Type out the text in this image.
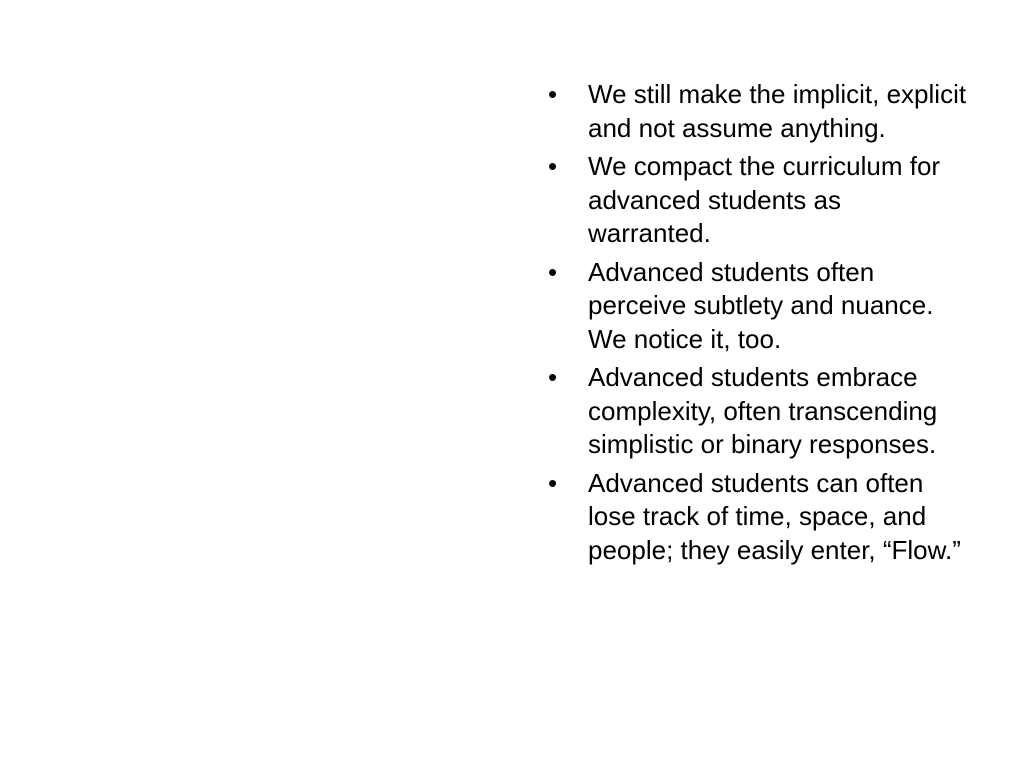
•	We still make the implicit, explicit and not assume anything.
•	We compact the curriculum for advanced students as warranted.
•	Advanced students often perceive subtlety and nuance. We notice it, too.
•	Advanced students embrace complexity, often transcending simplistic or binary responses.
•	Advanced students can often lose track of time, space, and people; they easily enter, “Flow.”
